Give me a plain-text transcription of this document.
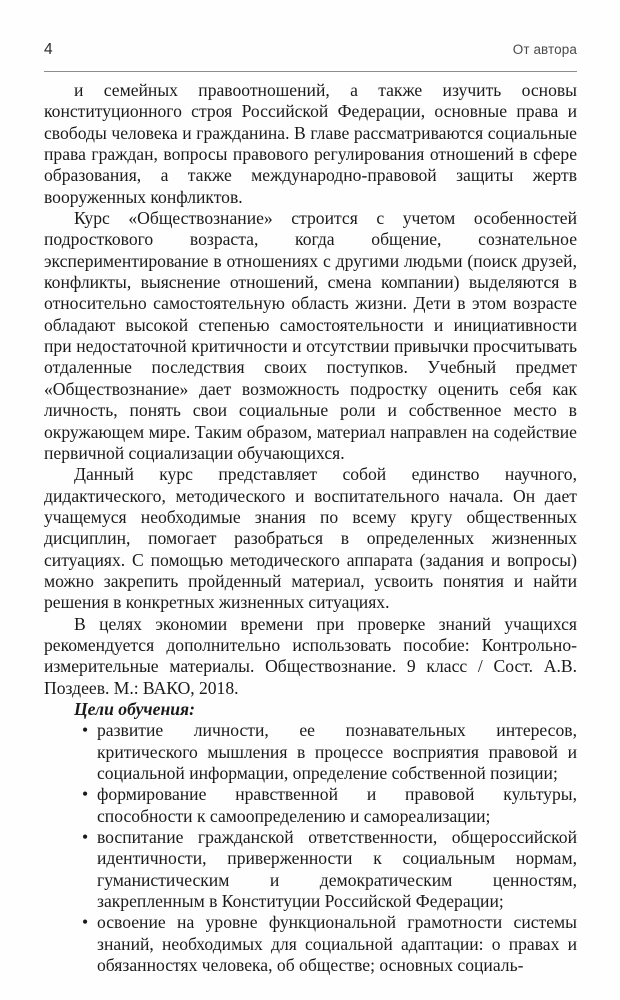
4	От автора

и семейных правоотношений, а также изучить основы конституционного строя Российской Федерации, основные права и свободы человека и гражданина. В главе рассматриваются социальные права граждан, вопросы правового регулирования отношений в сфере образования, а также международно-правовой защиты жертв вооруженных конфликтов.

Курс «Обществознание» строится с учетом особенностей подросткового возраста, когда общение, сознательное экспериментирование в отношениях с другими людьми (поиск друзей, конфликты, выяснение отношений, смена компании) выделяются в относительно самостоятельную область жизни. Дети в этом возрасте обладают высокой степенью самостоятельности и инициативности при недостаточной критичности и отсутствии привычки просчитывать отдаленные последствия своих поступков. Учебный предмет «Обществознание» дает возможность подростку оценить себя как личность, понять свои социальные роли и собственное место в окружающем мире. Таким образом, материал направлен на содействие первичной социализации обучающихся.

Данный курс представляет собой единство научного, дидактического, методического и воспитательного начала. Он дает учащемуся необходимые знания по всему кругу общественных дисциплин, помогает разобраться в определенных жизненных ситуациях. С помощью методического аппарата (задания и вопросы) можно закрепить пройденный материал, усвоить понятия и найти решения в конкретных жизненных ситуациях.

В целях экономии времени при проверке знаний учащихся рекомендуется дополнительно использовать пособие: Контрольно-измерительные материалы. Обществознание. 9 класс / Сост. А.В. Поздеев. М.: ВАКО, 2018.

Цели обучения:

• развитие личности, ее познавательных интересов, критического мышления в процессе восприятия правовой и социальной информации, определение собственной позиции;
• формирование нравственной и правовой культуры, способности к самоопределению и самореализации;
• воспитание гражданской ответственности, общероссийской идентичности, приверженности к социальным нормам, гуманистическим и демократическим ценностям, закрепленным в Конституции Российской Федерации;
• освоение на уровне функциональной грамотности системы знаний, необходимых для социальной адаптации: о правах и обязанностях человека, об обществе; основных социаль-
